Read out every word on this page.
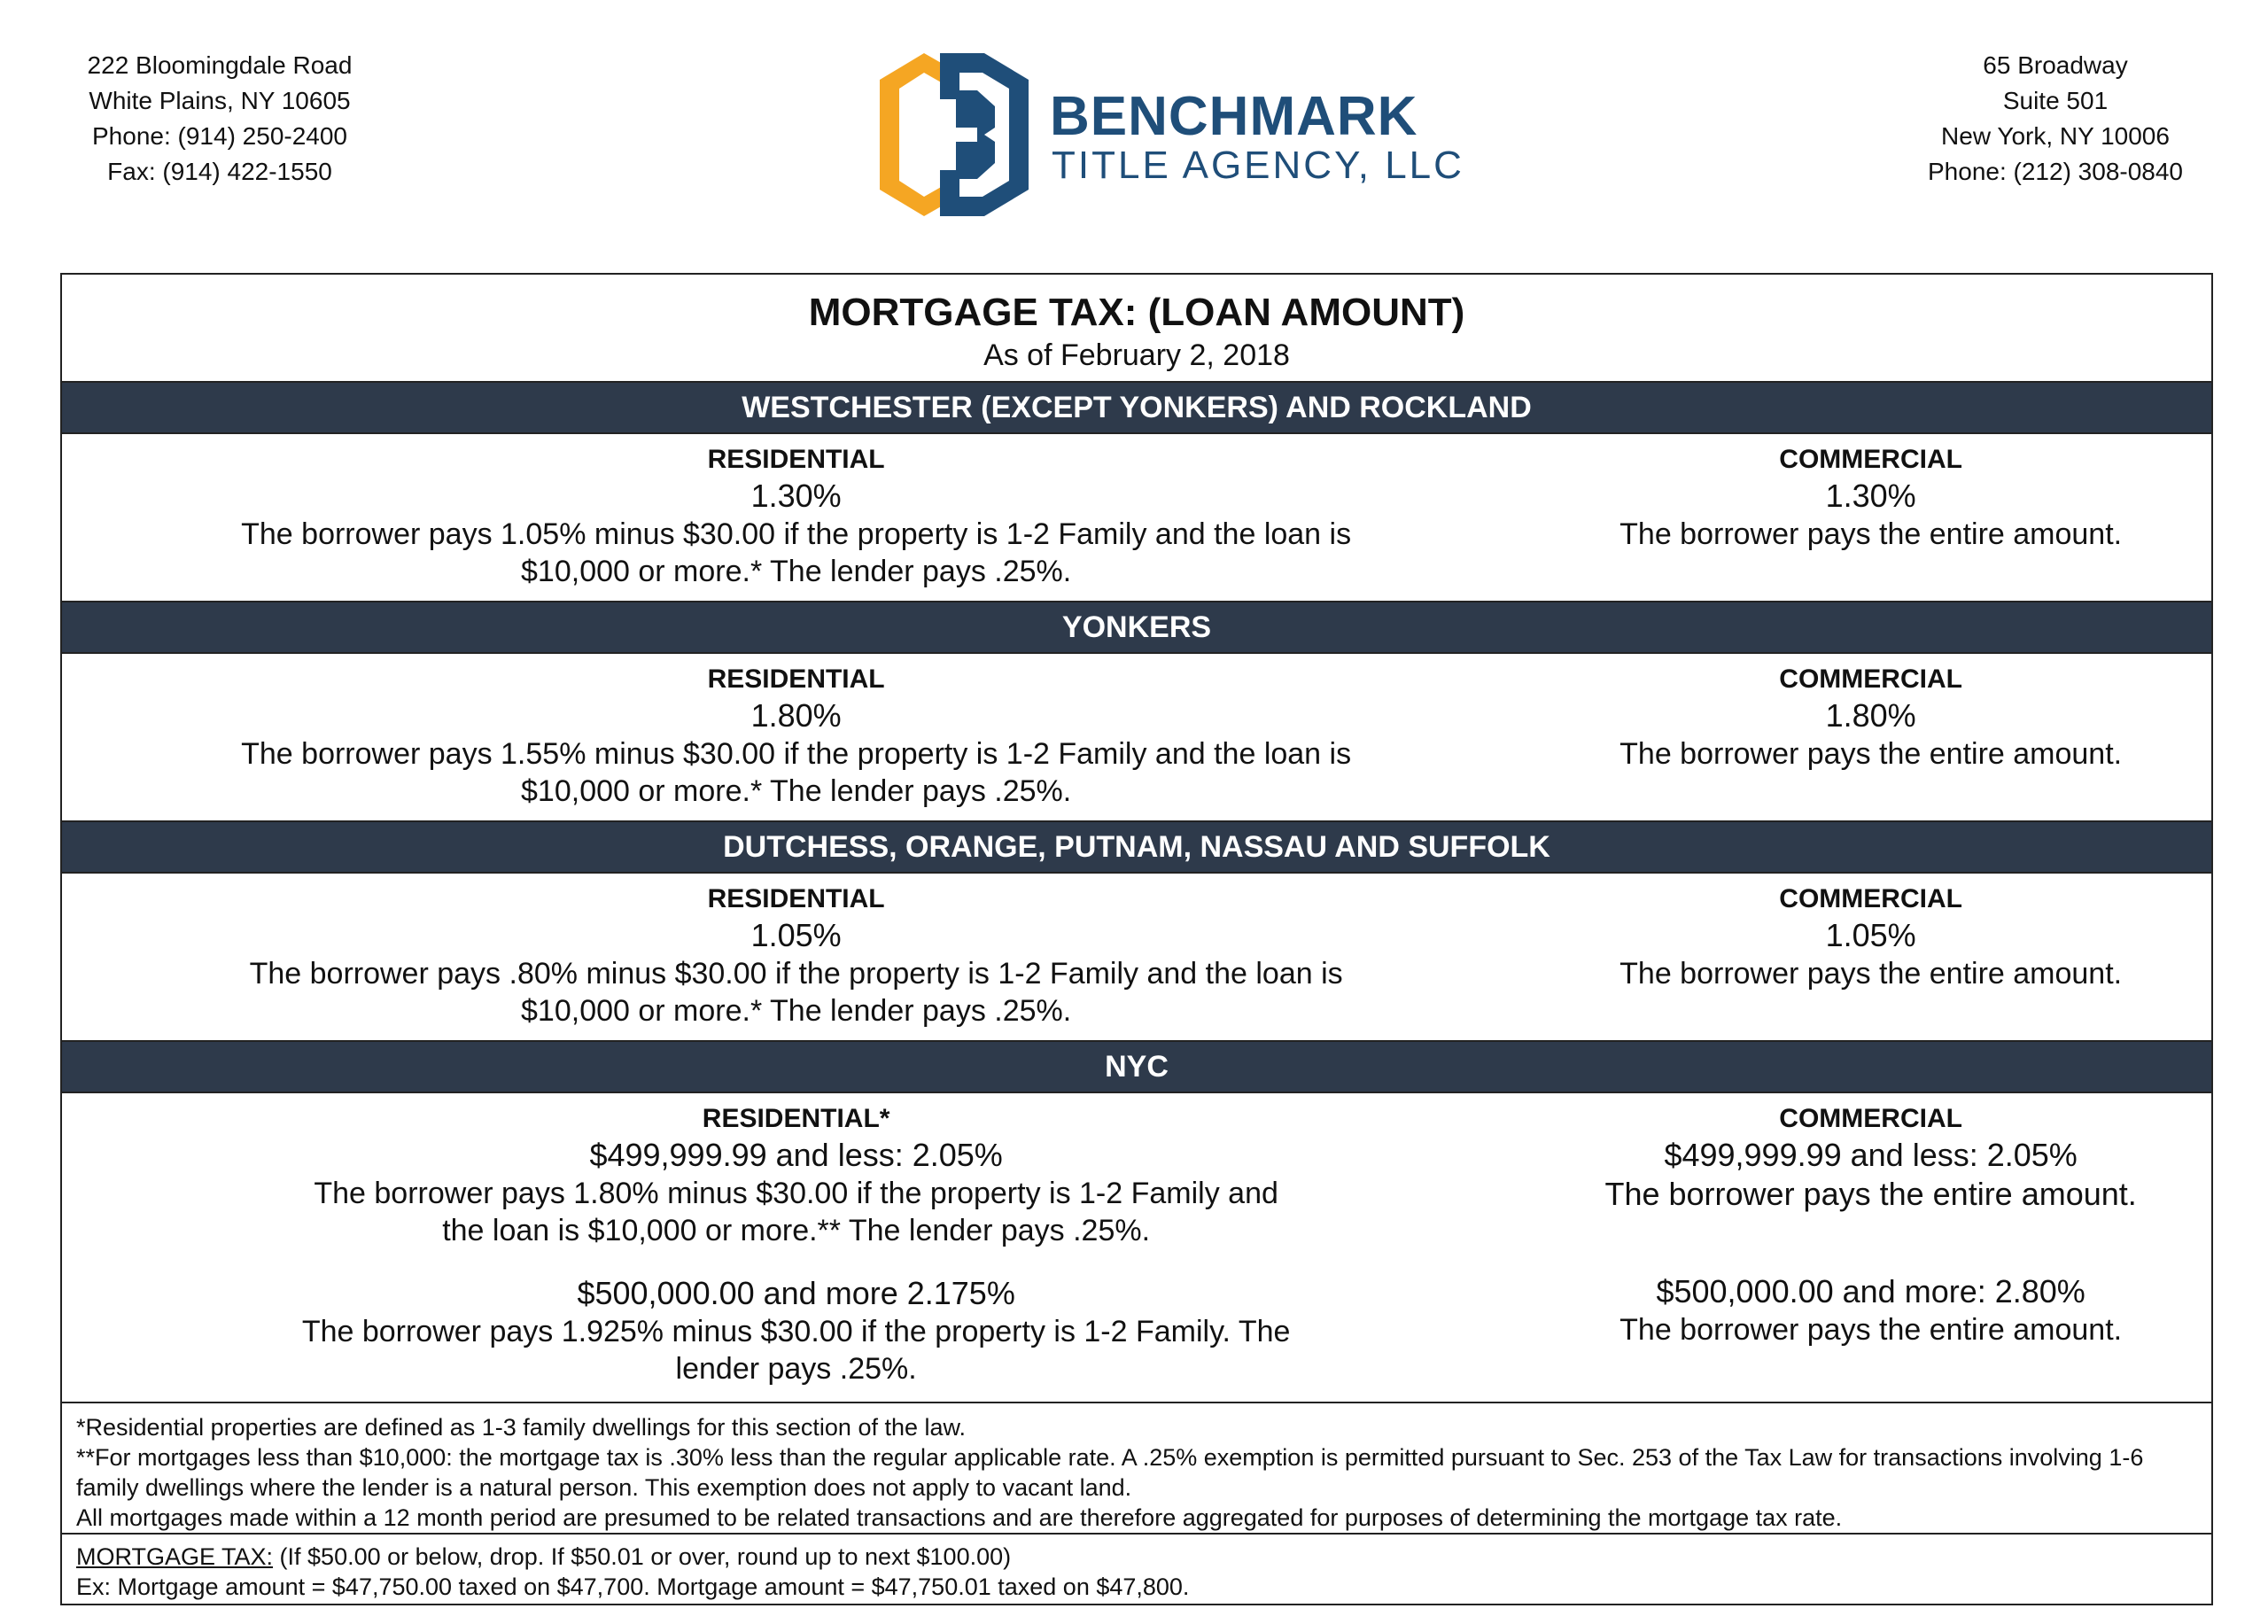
222 Bloomingdale Road
White Plains, NY 10605
Phone: (914) 250-2400
Fax: (914) 422-1550
BENCHMARK
TITLE AGENCY, LLC
65 Broadway
Suite 501
New York, NY 10006
Phone: (212) 308-0840
MORTGAGE TAX: (LOAN AMOUNT)
As of February 2, 2018
WESTCHESTER (EXCEPT YONKERS) AND ROCKLAND
RESIDENTIAL
1.30%
The borrower pays 1.05% minus $30.00 if the property is 1-2 Family and the loan is $10,000 or more.* The lender pays .25%.
COMMERCIAL
1.30%
The borrower pays the entire amount.
YONKERS
RESIDENTIAL
1.80%
The borrower pays 1.55% minus $30.00 if the property is 1-2 Family and the loan is $10,000 or more.* The lender pays .25%.
COMMERCIAL
1.80%
The borrower pays the entire amount.
DUTCHESS, ORANGE, PUTNAM, NASSAU AND SUFFOLK
RESIDENTIAL
1.05%
The borrower pays .80% minus $30.00 if the property is 1-2 Family and the loan is $10,000 or more.* The lender pays .25%.
COMMERCIAL
1.05%
The borrower pays the entire amount.
NYC
RESIDENTIAL*
$499,999.99 and less: 2.05%
The borrower pays 1.80% minus $30.00 if the property is 1-2 Family and the loan is $10,000 or more.** The lender pays .25%.
$500,000.00 and more 2.175%
The borrower pays 1.925% minus $30.00 if the property is 1-2 Family. The lender pays .25%.
COMMERCIAL
$499,999.99 and less: 2.05%
The borrower pays the entire amount.
$500,000.00 and more: 2.80%
The borrower pays the entire amount.
*Residential properties are defined as 1-3 family dwellings for this section of the law.
**For mortgages less than $10,000: the mortgage tax is .30% less than the regular applicable rate. A .25% exemption is permitted pursuant to Sec. 253 of the Tax Law for transactions involving 1-6 family dwellings where the lender is a natural person. This exemption does not apply to vacant land.
All mortgages made within a 12 month period are presumed to be related transactions and are therefore aggregated for purposes of determining the mortgage tax rate.
MORTGAGE TAX: (If $50.00 or below, drop. If $50.01 or over, round up to next $100.00)
Ex: Mortgage amount = $47,750.00 taxed on $47,700. Mortgage amount = $47,750.01 taxed on $47,800.
